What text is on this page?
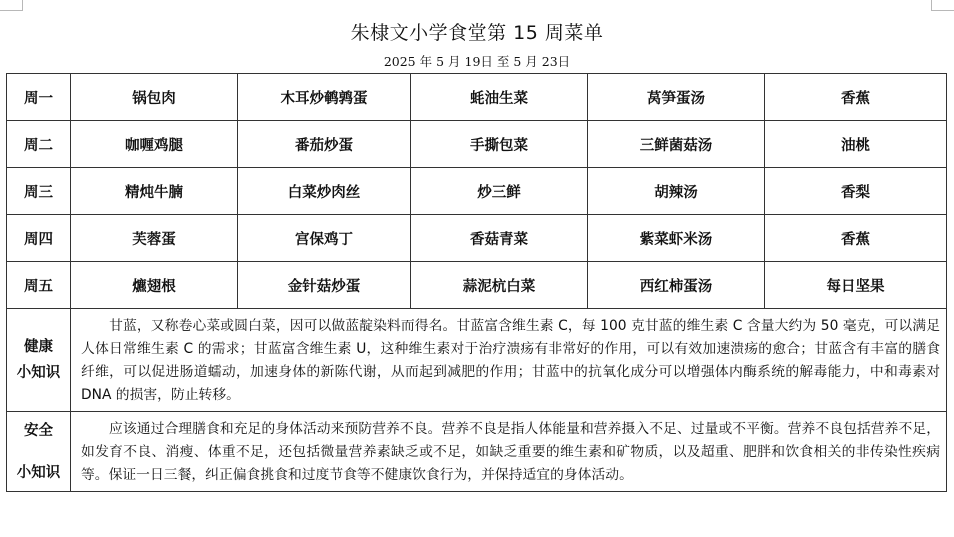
朱棣文小学食堂第 15 周菜单
2025 年 5 月 19日 至 5 月 23日
周一	锅包肉	木耳炒鹌鹑蛋	蚝油生菜	莴笋蛋汤	香蕉
周二	咖喱鸡腿	番茄炒蛋	手撕包菜	三鲜菌菇汤	油桃
周三	精炖牛腩	白菜炒肉丝	炒三鲜	胡辣汤	香梨
周四	芙蓉蛋	宫保鸡丁	香菇青菜	紫菜虾米汤	香蕉
周五	爊翅根	金针菇炒蛋	蒜泥杭白菜	西红柿蛋汤	每日坚果

健康
小知识	甘蓝，又称卷心菜或圆白菜，因可以做蓝靛染料而得名。甘蓝富含维生素 C，每 100 克甘蓝的维生素 C 含量大约为 50 毫克，可以满足人体日常维生素 C 的需求；甘蓝富含维生素 U，这种维生素对于治疗溃疡有非常好的作用，可以有效加速溃疡的愈合；甘蓝含有丰富的膳食纤维，可以促进肠道蠕动，加速身体的新陈代谢，从而起到减肥的作用；甘蓝中的抗氧化成分可以增强体内酶系统的解毒能力，中和毒素对 DNA 的损害，防止转移。				

安全
小知识	应该通过合理膳食和充足的身体活动来预防营养不良。营养不良是指人体能量和营养摄入不足、过量或不平衡。营养不良包括营养不足，如发育不良、消瘦、体重不足，还包括微量营养素缺乏或不足，如缺乏重要的维生素和矿物质，以及超重、肥胖和饮食相关的非传染性疾病等。保证一日三餐，纠正偏食挑食和过度节食等不健康饮食行为，并保持适宜的身体活动。				
